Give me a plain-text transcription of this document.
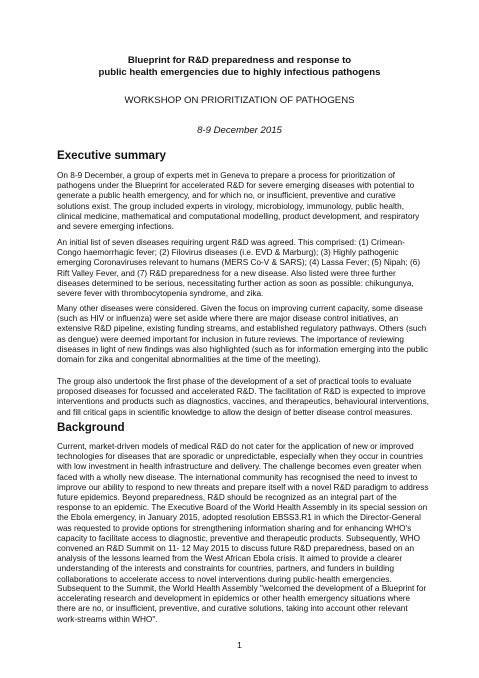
Blueprint for R&D preparedness and response to
public health emergencies due to highly infectious pathogens
WORKSHOP ON PRIORITIZATION OF PATHOGENS
8-9 December 2015
Executive summary

On 8-9 December, a group of experts met in Geneva to prepare a process for prioritization of pathogens under the Blueprint for accelerated R&D for severe emerging diseases with potential to generate a public health emergency, and for which no, or insufficient, preventive and curative solutions exist. The group included experts in virology, microbiology, immunology, public health, clinical medicine, mathematical and computational modelling, product development, and respiratory and severe emerging infections.

An initial list of seven diseases requiring urgent R&D was agreed. This comprised: (1) Crimean-Congo haemorrhagic fever; (2) Filovirus diseases (i.e. EVD & Marburg); (3) Highly pathogenic emerging Coronaviruses relevant to humans (MERS Co-V & SARS); (4) Lassa Fever; (5) Nipah; (6) Rift Valley Fever, and (7) R&D preparedness for a new disease. Also listed were three further diseases determined to be serious, necessitating further action as soon as possible: chikungunya, severe fever with thrombocytopenia syndrome, and zika.

Many other diseases were considered. Given the focus on improving current capacity, some disease (such as HIV or influenza) were set aside where there are major disease control initiatives, an extensive R&D pipeline, existing funding streams, and established regulatory pathways. Others (such as dengue) were deemed important for inclusion in future reviews. The importance of reviewing diseases in light of new findings was also highlighted (such as for information emerging into the public domain for zika and congenital abnormalities at the time of the meeting).

The group also undertook the first phase of the development of a set of practical tools to evaluate proposed diseases for focussed and accelerated R&D. The facilitation of R&D is expected to improve interventions and products such as diagnostics, vaccines, and therapeutics, behavioural interventions, and fill critical gaps in scientific knowledge to allow the design of better disease control measures.

Background

Current, market-driven models of medical R&D do not cater for the application of new or improved technologies for diseases that are sporadic or unpredictable, especially when they occur in countries with low investment in health infrastructure and delivery. The challenge becomes even greater when faced with a wholly new disease. The international community has recognised the need to invest to improve our ability to respond to new threats and prepare itself with a novel R&D paradigm to address future epidemics. Beyond preparedness, R&D should be recognized as an integral part of the response to an epidemic. The Executive Board of the World Health Assembly in its special session on the Ebola emergency, in January 2015, adopted resolution EBSS3.R1 in which the Director-General was requested to provide options for strengthening information sharing and for enhancing WHO's capacity to facilitate access to diagnostic, preventive and therapeutic products. Subsequently, WHO convened an R&D Summit on 11- 12 May 2015 to discuss future R&D preparedness, based on an analysis of the lessons learned from the West African Ebola crisis. It aimed to provide a clearer understanding of the interests and constraints for countries, partners, and funders in building collaborations to accelerate access to novel interventions during public-health emergencies.

Subsequent to the Summit, the World Health Assembly "welcomed the development of a Blueprint for accelerating research and development in epidemics or other health emergency situations where there are no, or insufficient, preventive, and curative solutions, taking into account other relevant work-streams within WHO".

1
